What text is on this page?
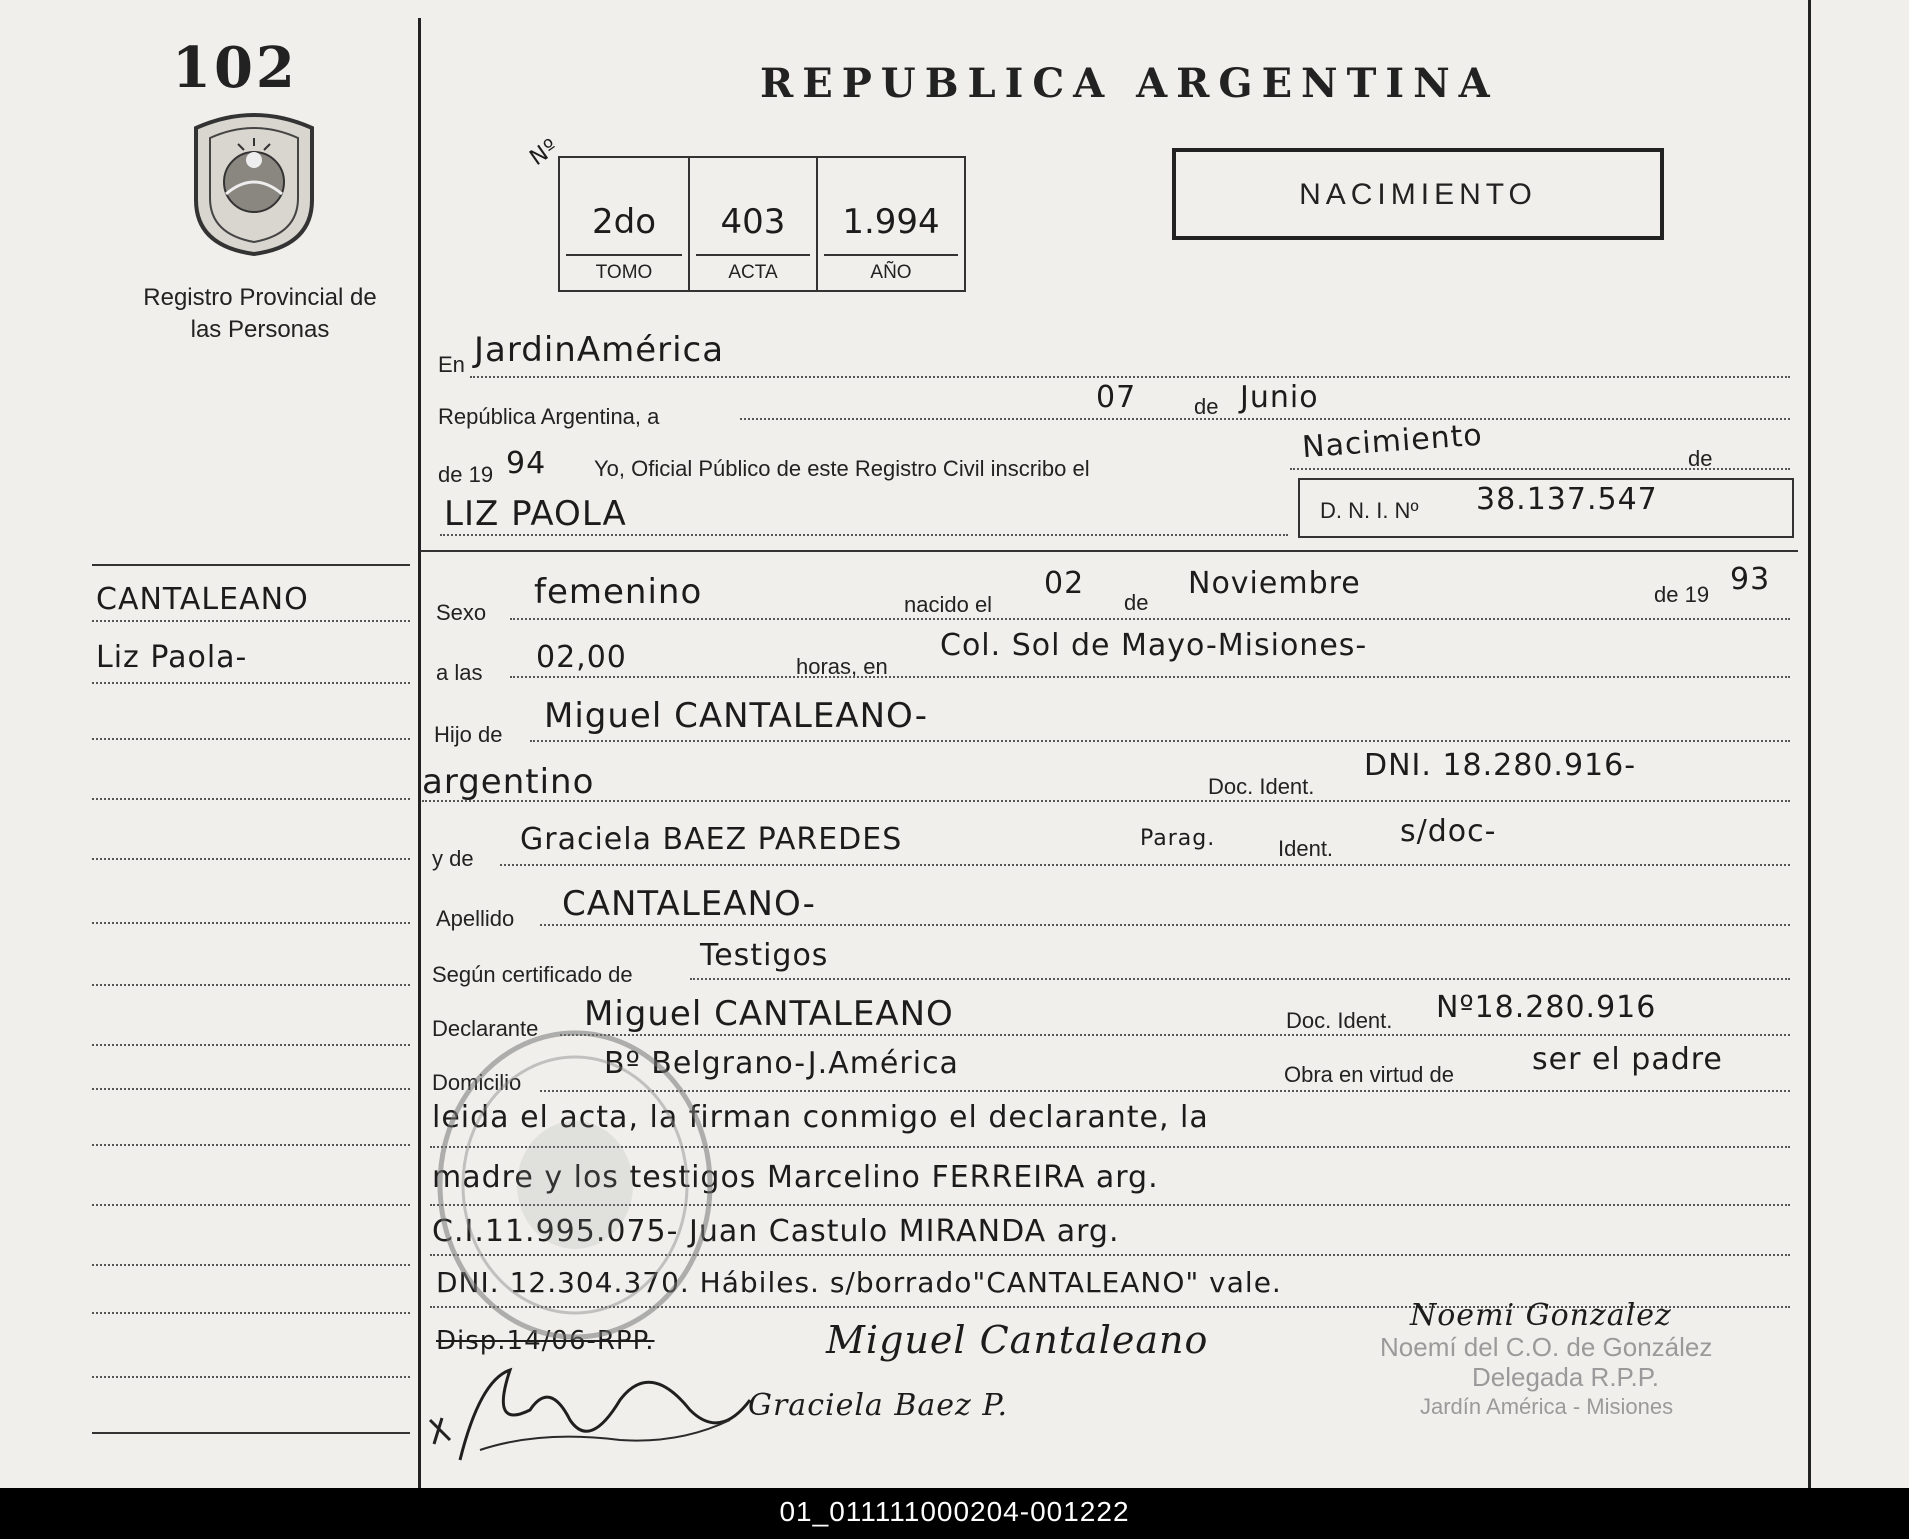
102
Registro Provincial de las Personas
CANTALEANO
Liz Paola-
REPUBLICA ARGENTINA
Nº
2do
TOMO
403
ACTA
1.994
AÑO
NACIMIENTO
En JardinAmérica
República Argentina, a
07	de Junio
de 19 94 Yo, Oficial Público de este Registro Civil inscribo el
Nacimiento	de
LIZ PAOLA	D. N. I. Nº 38.137.547
Sexo
femenino	nacido el
02
de
Noviembre	de 19 93
a las 02,00	horas, en
Col. Sol de Mayo-Misiones-
Hijo de Miguel CANTALEANO-
argentino	Doc. Ident.
DNI. 18.280.916-
y de
Graciela BAEZ PAREDES	Parag.	Ident. s/doc-
Apellido CANTALEANO-
Según certificado de
Testigos
Declarante Miguel CANTALEANO	Doc. Ident. Nº18.280.916
Domicilio
Bº Belgrano-J.América	Obra en virtud de	ser el padre
leida el acta, la firman conmigo el declarante, la
madre y los testigos Marcelino FERREIRA arg.
C.I.11.995.075- Juan Castulo MIRANDA arg.
DNI. 12.304.370. Hábiles. s/borrado"CANTALEANO" vale.
Disp.14/06-RPP.	Miguel Cantaleano
Graciela Baez P.
Noemi Gonzalez
Noemí del C.O. de González
Delegada R.P.P.
Jardín América - Misiones
01_011111000204-001222
